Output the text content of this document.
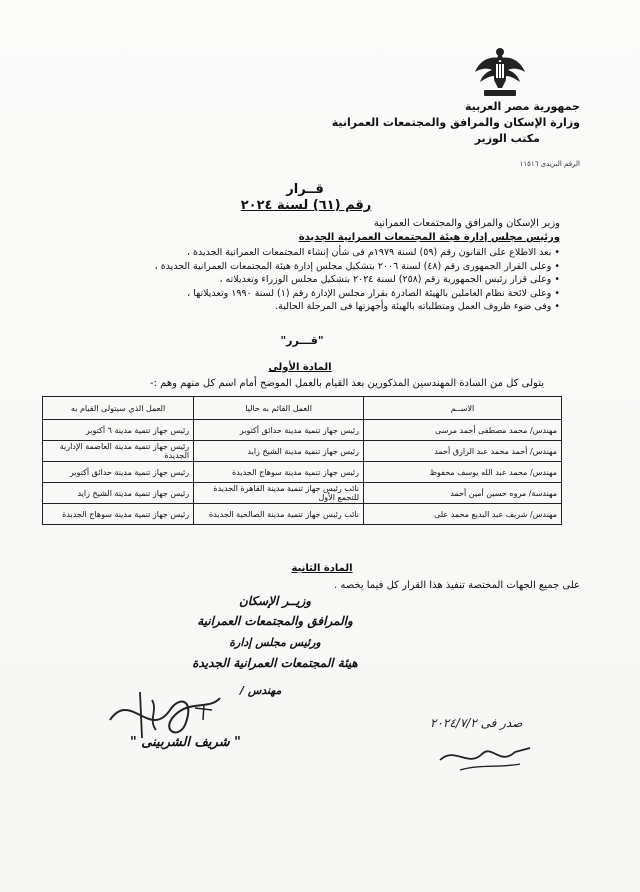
جمهورية مصر العربية
وزارة الإسكان والمرافق والمجتمعات العمرانية
مكتب الوزير
الرقم البريدى ١١٥١٦
قــرار
رقم (٦١) لسنة ٢٠٢٤
وزير الإسكان والمرافق والمجتمعات العمرانية
ورئيس مجلس إدارة هيئة المجتمعات العمرانية الجديدة
• بعد الاطلاع على القانون رقم (٥٩) لسنة ١٩٧٩م فى شأن إنشاء المجتمعات العمرانية الجديدة ،
• وعلى القرار الجمهورى رقم (٤٨) لسنة ٢٠٠٦ بتشكيل مجلس إدارة هيئة المجتمعات العمرانية الجديدة ،
• وعلى قرار رئيس الجمهورية رقم (٢٥٨) لسنة ٢٠٢٤ بتشكيل مجلس الوزراء وتعديلاته ،
• وعلى لائحة نظام العاملين بالهيئة الصادرة بقرار مجلس الإدارة رقم (١) لسنة ١٩٩٠ وتعديلاتها ،
• وفى ضوء ظروف العمل ومتطلباته بالهيئة وأجهزتها فى المرحلة الحالية.
"قـــرر"
المادة الأولى
يتولى كل من السادة المهندسين المذكورين بعد القيام بالعمل الموضح أمام اسم كل منهم وهم :-
الاســم	العمل القائم به حاليا	العمل الذي سيتولى القيام به
مهندس/ محمد مصطفى أحمد مرسى	رئيس جهاز تنمية مدينة حدائق أكتوبر	رئيس جهاز تنمية مدينة ٦ أكتوبر
مهندس/ أحمد محمد عبد الرازق أحمد	رئيس جهاز تنمية مدينة الشيخ زايد	رئيس جهاز تنمية مدينة العاصمة الإدارية الجديدة
مهندس/ محمد عبد الله يوسف محفوظ	رئيس جهاز تنمية مدينة سوهاج الجديدة	رئيس جهاز تنمية مدينة حدائق أكتوبر
مهندسة/ مروه حسين أمين أحمد	نائب رئيس جهاز تنمية مدينة القاهرة الجديدة للتجمع الأول	رئيس جهاز تنمية مدينة الشيخ زايد
مهندس/ شريف عبد البديع محمد على	نائب رئيس جهاز تنمية مدينة الصالحية الجديدة	رئيس جهاز تنمية مدينة سوهاج الجديدة
المادة الثانية
على جميع الجهات المختصة تنفيذ هذا القرار كل فيما يخصه .
وزيــر الإسكان
والمرافق والمجتمعات العمرانية
ورئيس مجلس إدارة
هيئة المجتمعات العمرانية الجديدة
مهندس /
" شريف الشربينى "
صدر فى ٢٠٢٤/٧/٢
